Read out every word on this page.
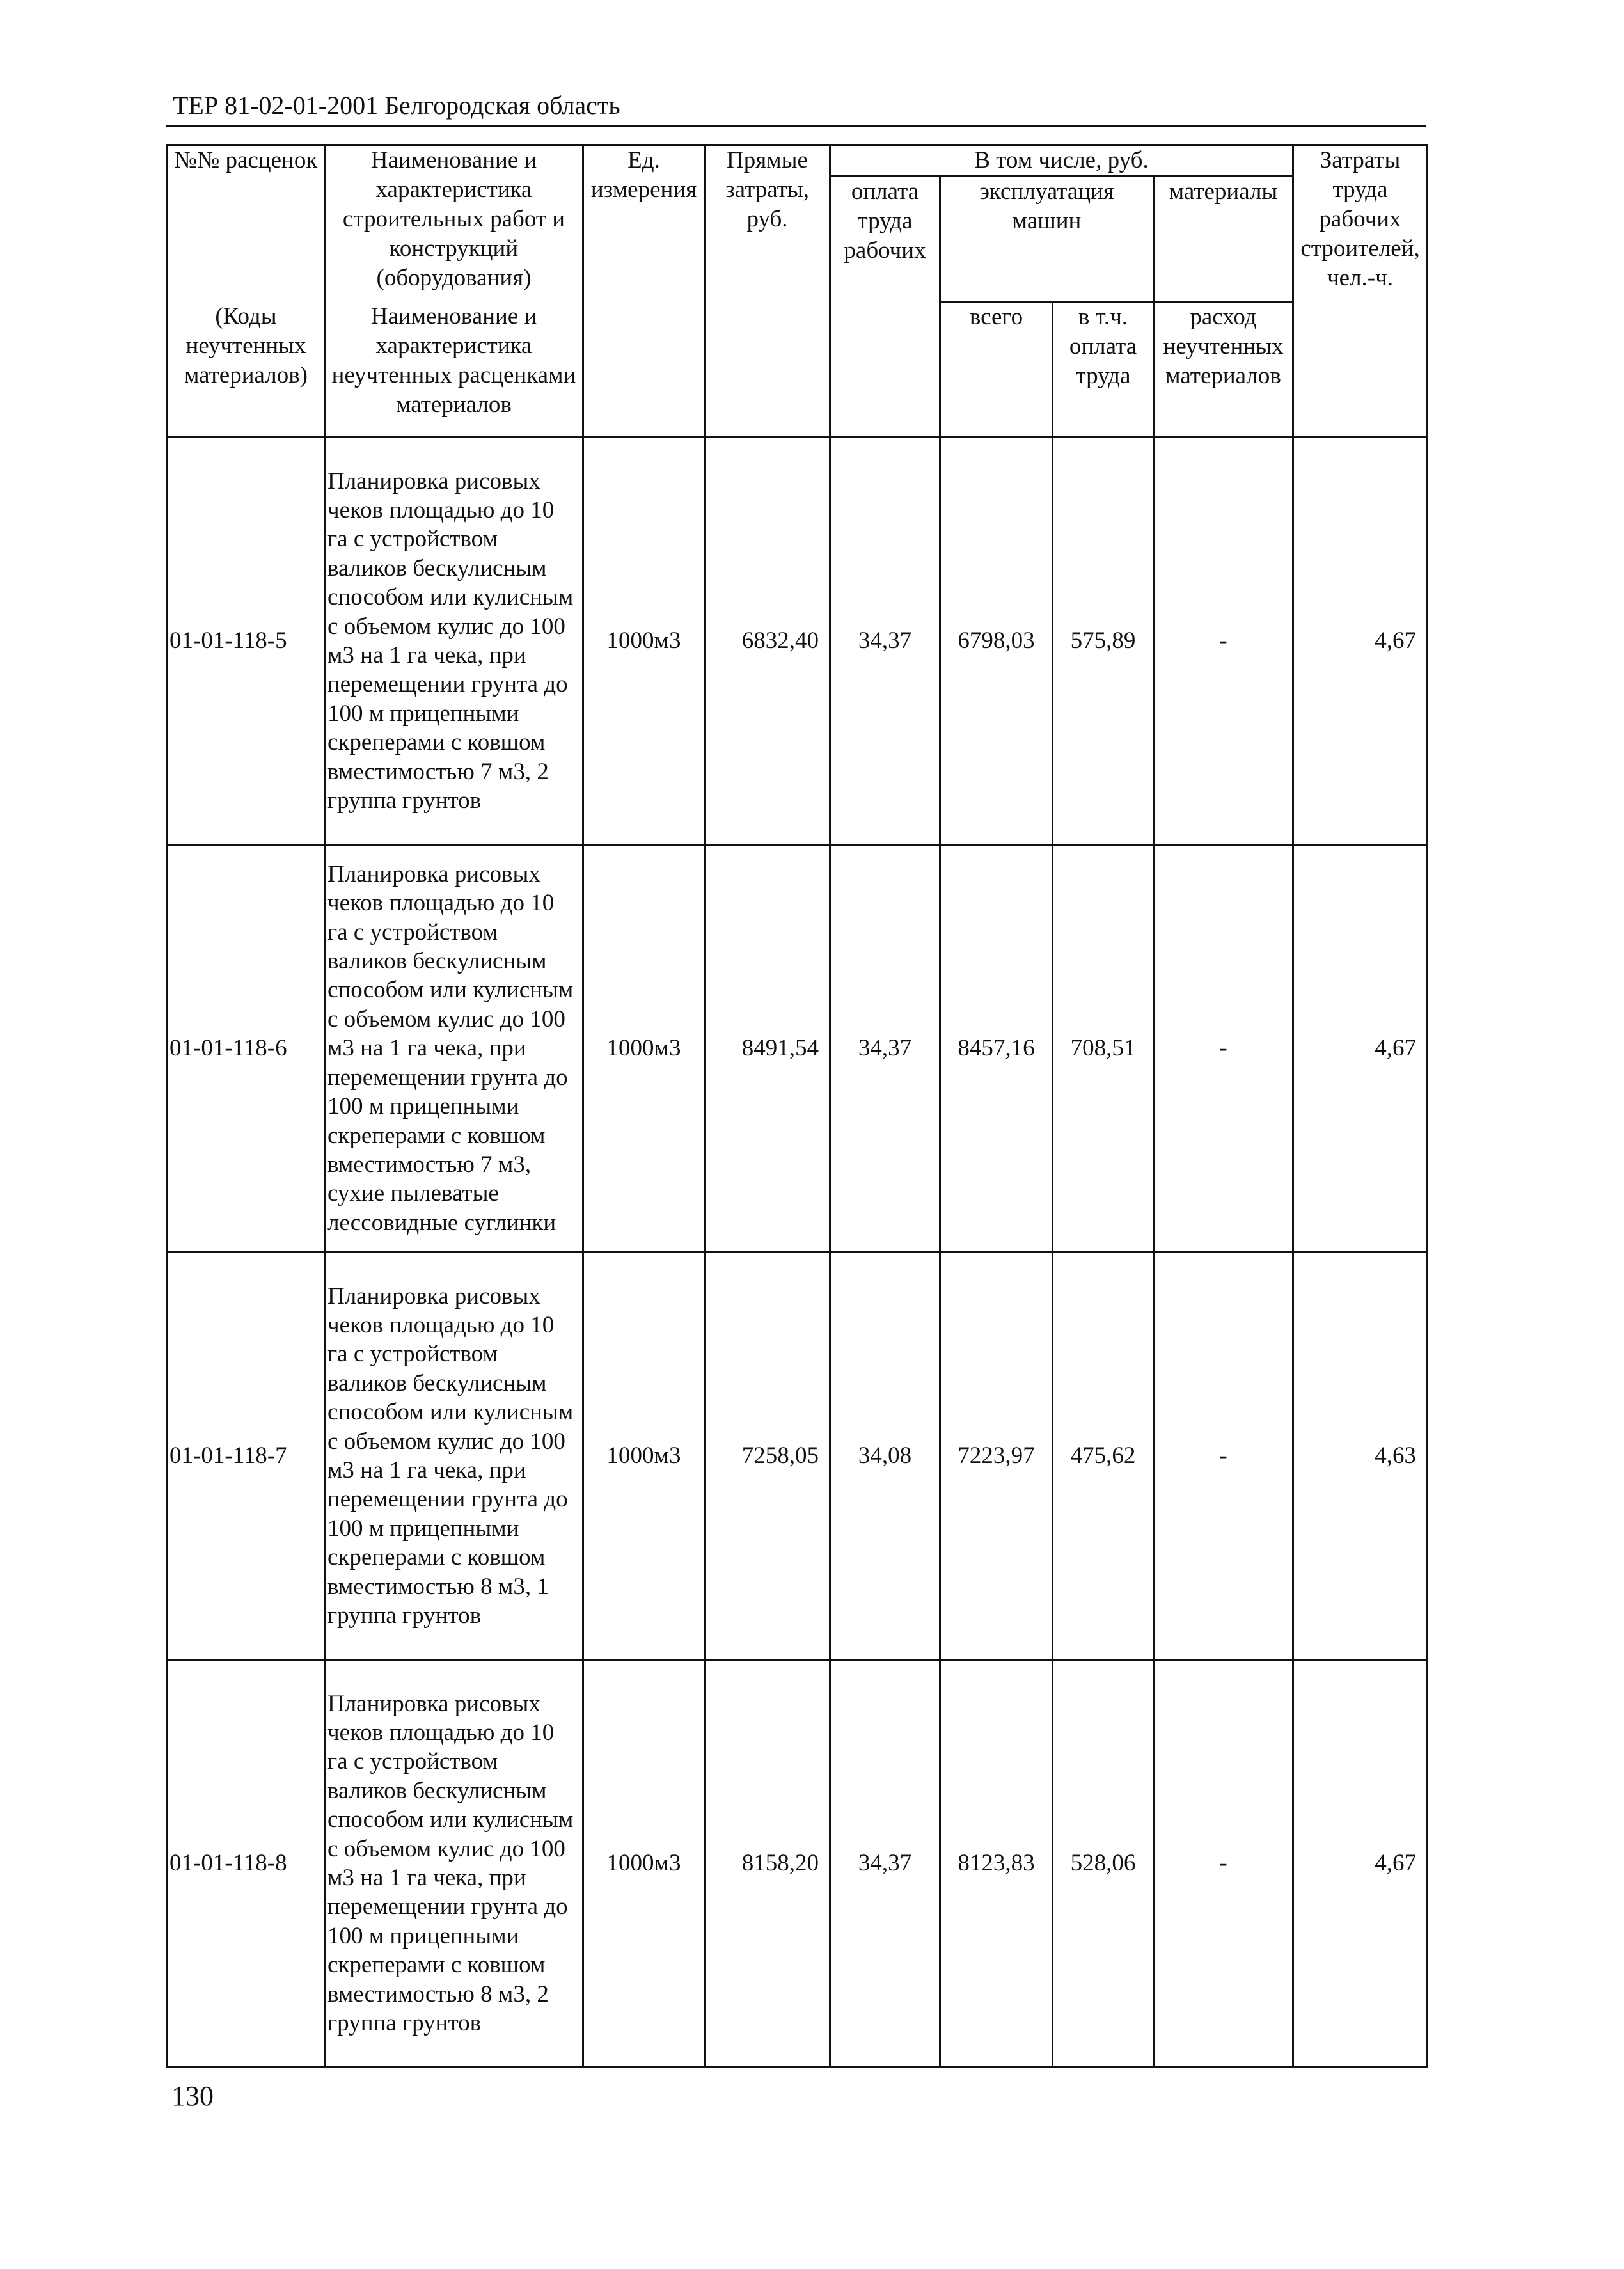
ТЕР 81-02-01-2001 Белгородская область
№№ расценок	Наименование и характеристика строительных работ и конструкций (оборудования)	Ед. измерения	Прямые затраты, руб.	В том числе, руб.				Затраты труда рабочих строителей, чел.-ч.
				оплата труда рабочих	эксплуатация машин		материалы	
(Коды неучтенных материалов)	Наименование и характеристика неучтенных расценками материалов				всего	в т.ч. оплата труда	расход неучтенных материалов	
01-01-118-5	Планировка рисовых чеков площадью до 10 га с устройством валиков бескулисным способом или кулисным с объемом кулис до 100 м3 на 1 га чека, при перемещении грунта до 100 м прицепными скреперами с ковшом вместимостью 7 м3, 2 группа грунтов	1000м3	6832,40	34,37	6798,03	575,89	-	4,67
01-01-118-6	Планировка рисовых чеков площадью до 10 га с устройством валиков бескулисным способом или кулисным с объемом кулис до 100 м3 на 1 га чека, при перемещении грунта до 100 м прицепными скреперами с ковшом вместимостью 7 м3, сухие пылеватые лессовидные суглинки	1000м3	8491,54	34,37	8457,16	708,51	-	4,67
01-01-118-7	Планировка рисовых чеков площадью до 10 га с устройством валиков бескулисным способом или кулисным с объемом кулис до 100 м3 на 1 га чека, при перемещении грунта до 100 м прицепными скреперами с ковшом вместимостью 8 м3, 1 группа грунтов	1000м3	7258,05	34,08	7223,97	475,62	-	4,63
01-01-118-8	Планировка рисовых чеков площадью до 10 га с устройством валиков бескулисным способом или кулисным с объемом кулис до 100 м3 на 1 га чека, при перемещении грунта до 100 м прицепными скреперами с ковшом вместимостью 8 м3, 2 группа грунтов	1000м3	8158,20	34,37	8123,83	528,06	-	4,67
130
